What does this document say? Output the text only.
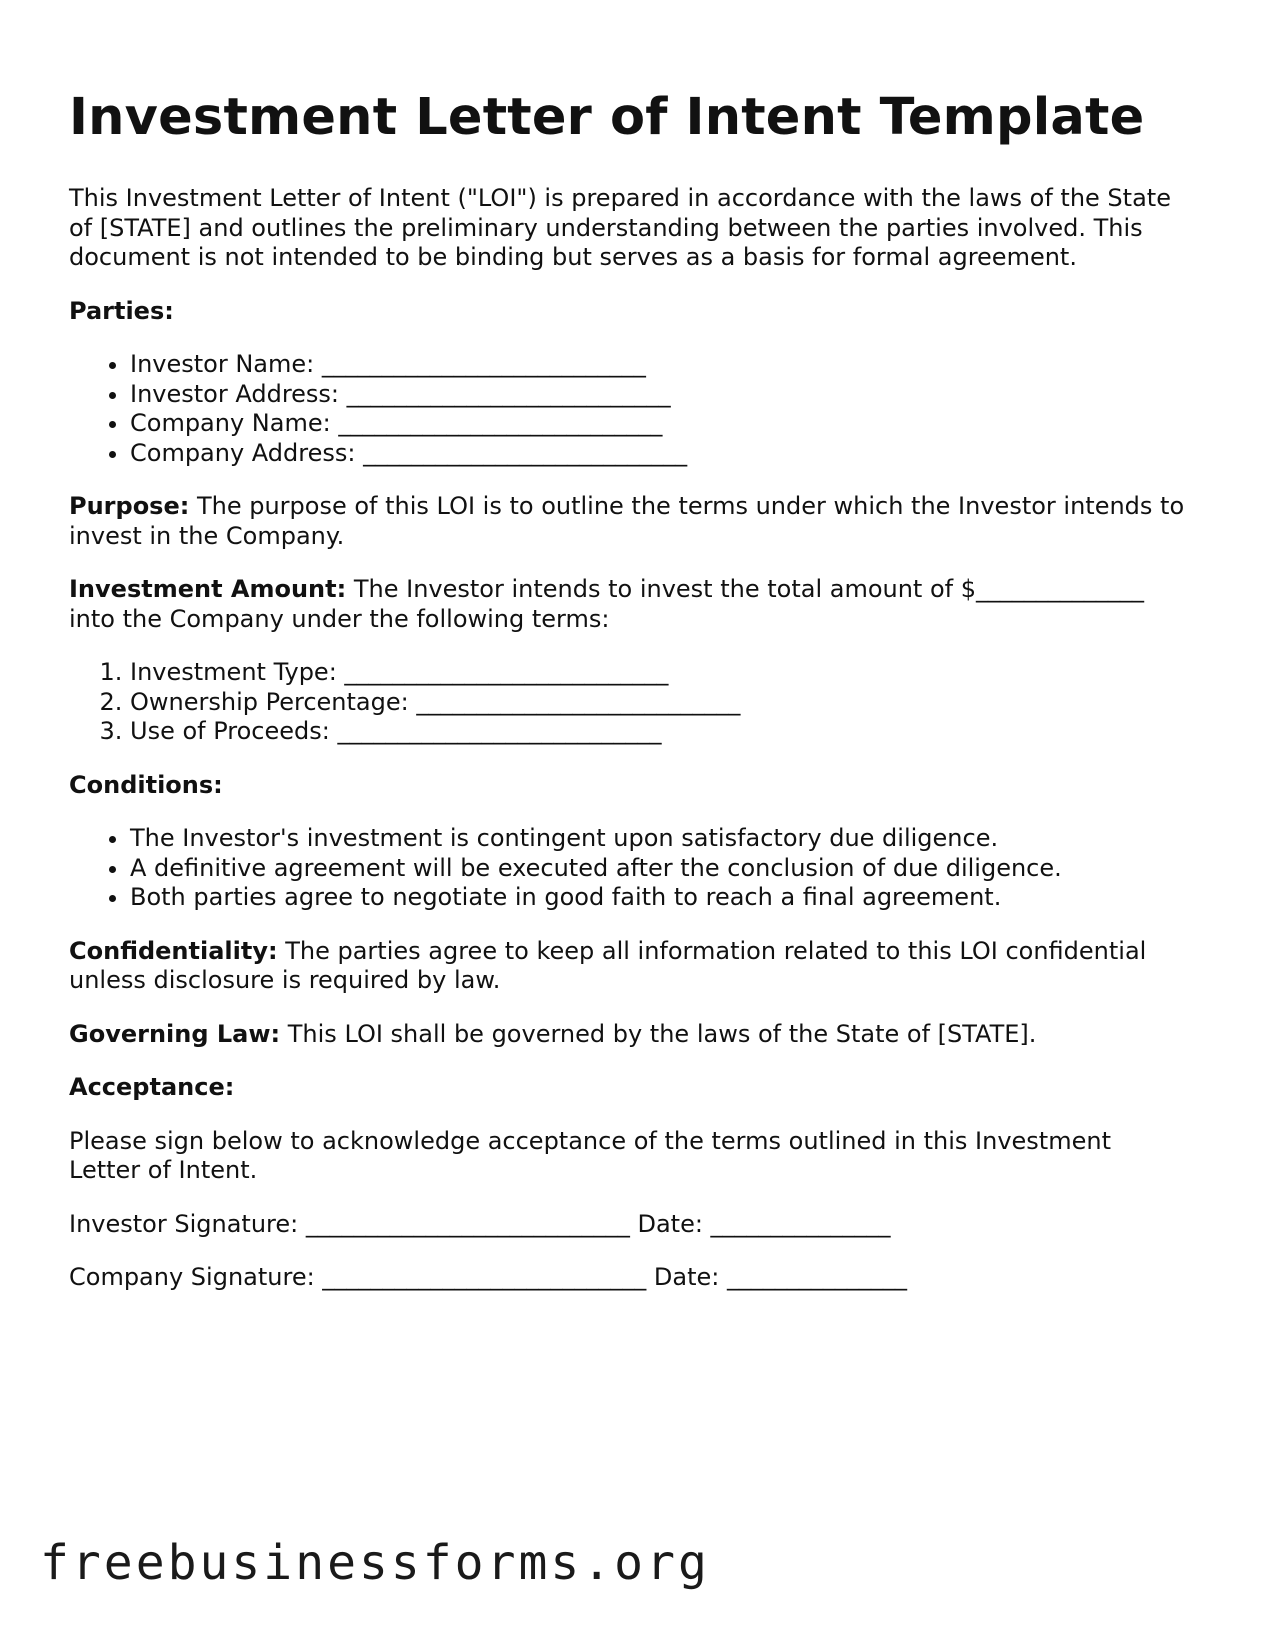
Investment Letter of Intent Template

This Investment Letter of Intent ("LOI") is prepared in accordance with the laws of the State of [STATE] and outlines the preliminary understanding between the parties involved. This document is not intended to be binding but serves as a basis for formal agreement.

Parties:

• Investor Name: ___________________________
• Investor Address: ___________________________
• Company Name: ___________________________
• Company Address: ___________________________

Purpose: The purpose of this LOI is to outline the terms under which the Investor intends to invest in the Company.

Investment Amount: The Investor intends to invest the total amount of $______________ into the Company under the following terms:

1. Investment Type: ___________________________
2. Ownership Percentage: ___________________________
3. Use of Proceeds: ___________________________

Conditions:

• The Investor's investment is contingent upon satisfactory due diligence.
• A definitive agreement will be executed after the conclusion of due diligence.
• Both parties agree to negotiate in good faith to reach a final agreement.

Confidentiality: The parties agree to keep all information related to this LOI confidential unless disclosure is required by law.

Governing Law: This LOI shall be governed by the laws of the State of [STATE].

Acceptance:

Please sign below to acknowledge acceptance of the terms outlined in this Investment Letter of Intent.

Investor Signature: ___________________________ Date: _______________

Company Signature: ___________________________ Date: _______________

freebusinessforms.org
